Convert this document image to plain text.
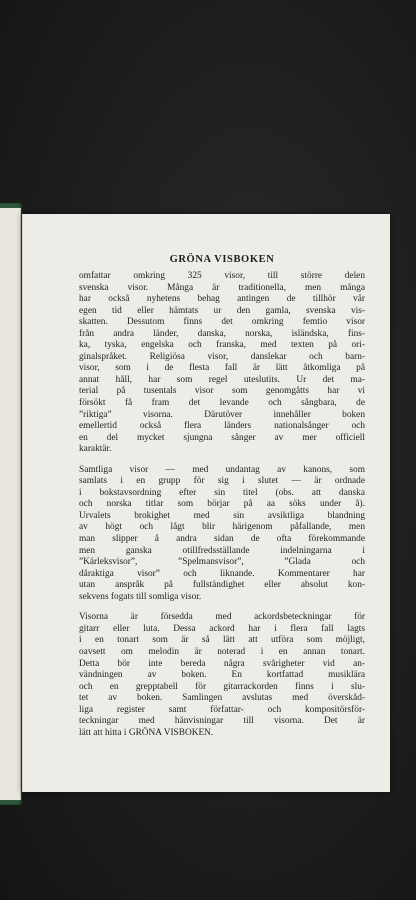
GRÖNA VISBOKEN
omfattar omkring 325 visor, till större delen
svenska visor. Många är traditionella, men många
har också nyhetens behag antingen de tillhör vår
egen tid eller hämtats ur den gamla, svenska vis-
skatten. Dessutom finns det omkring femtio visor
från andra länder, danska, norska, isländska, fins-
ka, tyska, engelska och franska, med texten på ori-
ginalspråket. Religiösa visor, danslekar och barn-
visor, som i de flesta fall är lätt åtkomliga på
annat håll, har som regel uteslutits. Ur det ma-
terial på tusentals visor som genomgåtts har vi
försökt få fram det levande och sångbara, de
”riktiga” visorna. Därutöver innehåller boken
emellertid också flera länders nationalsånger och
en del mycket sjungna sånger av mer officiell
karaktär.
Samtliga visor — med undantag av kanons, som
samlats i en grupp för sig i slutet — är ordnade
i bokstavsordning efter sin titel (obs. att danska
och norska titlar som börjar på aa söks under å).
Urvalets brokighet med sin avsiktliga blandning
av högt och lågt blir härigenom påfallande, men
man slipper å andra sidan de ofta förekommande
men ganska otillfredsställande indelningarna i
”Kärleksvisor”, ”Spelmansvisor”, ”Glada och
dåraktiga visor” och liknande. Kommentarer har
utan anspråk på fullständighet eller absolut kon-
sekvens fogats till somliga visor.
Visorna är försedda med ackordsbeteckningar för
gitarr eller luta. Dessa ackord har i flera fall lagts
i en tonart som är så lätt att utföra som möjligt,
oavsett om melodin är noterad i en annan tonart.
Detta bör inte bereda några svårigheter vid an-
vändningen av boken. En kortfattad musiklära
och en grepptabell för gitarrackorden finns i slu-
tet av boken. Samlingen avslutas med överskåd-
liga register samt författar- och kompositörsför-
teckningar med hänvisningar till visorna. Det är
lätt att hitta i GRÖNA VISBOKEN.
